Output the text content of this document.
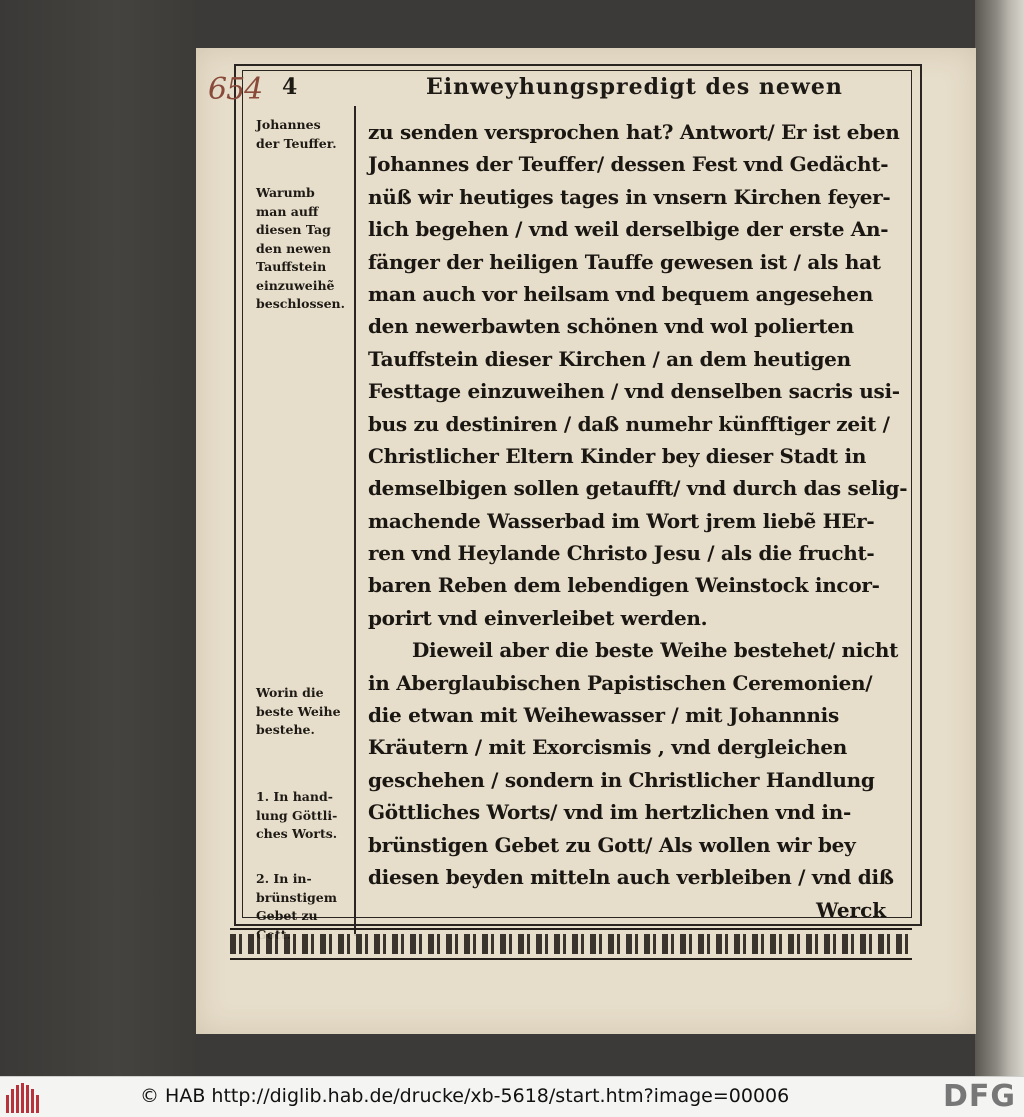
654 4	Einweyhungspredigt des newen
Johannes
der Teuffer.
Warumb
man auff
diesen Tag
den newen
Tauffstein
einzuweihẽ
beschlossen.
Worin die
beste Weihe
bestehe.
1. In hand-
lung Göttli-
ches Worts.
2. In in-
brünstigem
Gebet zu
zu senden versprochen hat? Antwort/ Er ist eben
Johannes der Teuffer/ dessen Fest vnd Gedächt-
nüß wir heutiges tages in vnsern Kirchen feyer-
lich begehen / vnd weil derselbige der erste An-
fänger der heiligen Tauffe gewesen ist / als hat
man auch vor heilsam vnd bequem angesehen
den newerbawten schönen vnd wol polierten
Tauffstein dieser Kirchen / an dem heutigen
Festtage einzuweihen / vnd denselben sacris usi-
bus zu destiniren / daß numehr künfftiger zeit /
Christlicher Eltern Kinder bey dieser Stadt in
demselbigen sollen getaufft/ vnd durch das selig-
machende Wasserbad im Wort jrem liebẽ HEr-
ren vnd Heylande Christo Jesu / als die frucht-
baren Reben dem lebendigen Weinstock incor-
porirt vnd einverleibet werden.
Dieweil aber die beste Weihe bestehet/ nicht
in Aberglaubischen Papistischen Ceremonien/
die etwan mit Weihewasser / mit Johannnis
Kräutern / mit Exorcismis , vnd dergleichen
geschehen / sondern in Christlicher Handlung
Göttliches Worts/ vnd im hertzlichen vnd in-
brünstigen Gebet zu Gott/ Als wollen wir bey
diesen beyden mitteln auch verbleiben / vnd diß
Werck
© HAB http://diglib.hab.de/drucke/xb-5618/start.htm?image=00006	DFG
